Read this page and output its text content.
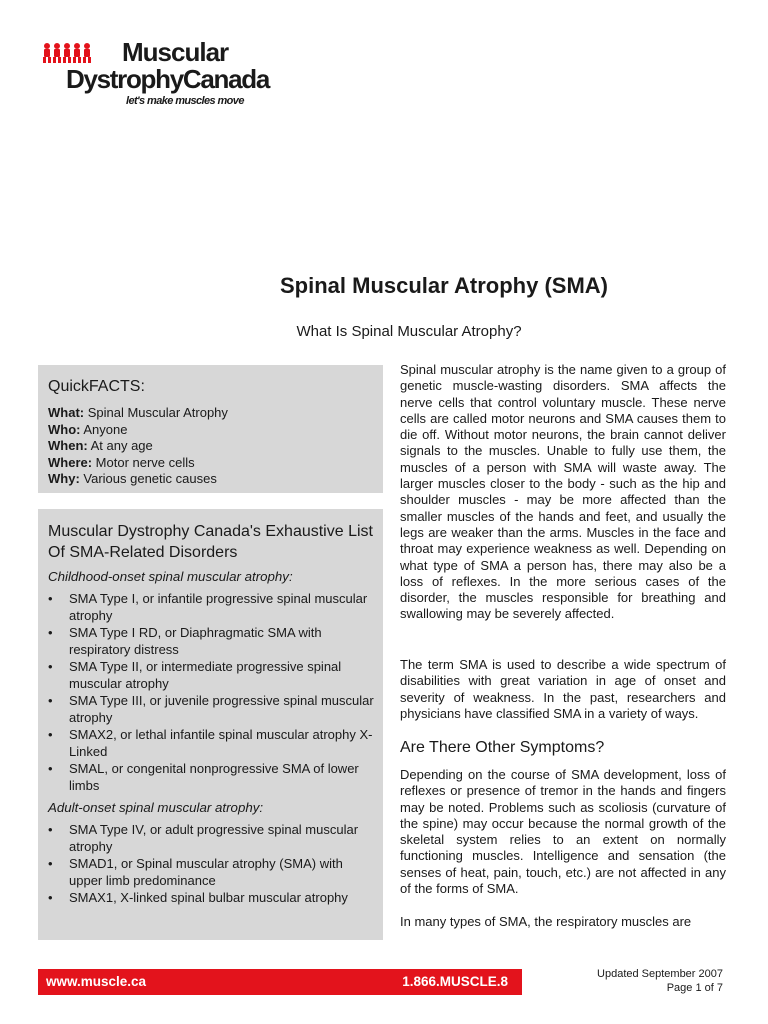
Muscular
DystrophyCanada
let's make muscles move
Spinal Muscular Atrophy (SMA)
What Is Spinal Muscular Atrophy?
QuickFACTS:
What: Spinal Muscular Atrophy
Who: Anyone
When: At any age
Where: Motor nerve cells
Why: Various genetic causes
Muscular Dystrophy Canada's Exhaustive List Of SMA-Related Disorders
Childhood-onset spinal muscular atrophy:
• SMA Type I, or infantile progressive spinal muscular atrophy
• SMA Type I RD, or Diaphragmatic SMA with respiratory distress
• SMA Type II, or intermediate progressive spinal muscular atrophy
• SMA Type III, or juvenile progressive spinal muscular atrophy
• SMAX2, or lethal infantile spinal muscular atrophy X-Linked
• SMAL, or congenital nonprogressive SMA of lower limbs
Adult-onset spinal muscular atrophy:
• SMA Type IV, or adult progressive spinal muscular atrophy
• SMAD1, or Spinal muscular atrophy (SMA) with upper limb predominance
• SMAX1, X-linked spinal bulbar muscular atrophy

Spinal muscular atrophy is the name given to a group of genetic muscle-wasting disorders. SMA affects the nerve cells that control voluntary muscle. These nerve cells are called motor neurons and SMA causes them to die off. Without motor neurons, the brain cannot deliver signals to the muscles. Unable to fully use them, the muscles of a person with SMA will waste away. The larger muscles closer to the body - such as the hip and shoulder muscles - may be more affected than the smaller muscles of the hands and feet, and usually the legs are weaker than the arms. Muscles in the face and throat may experience weakness as well. Depending on what type of SMA a person has, there may also be a loss of reflexes. In the more serious cases of the disorder, the muscles responsible for breathing and swallowing may be severely affected.

The term SMA is used to describe a wide spectrum of disabilities with great variation in age of onset and severity of weakness. In the past, researchers and physicians have classified SMA in a variety of ways.

Are There Other Symptoms?

Depending on the course of SMA development, loss of reflexes or presence of tremor in the hands and fingers may be noted. Problems such as scoliosis (curvature of the spine) may occur because the normal growth of the skeletal system relies to an extent on normally functioning muscles. Intelligence and sensation (the senses of heat, pain, touch, etc.) are not affected in any of the forms of SMA.

In many types of SMA, the respiratory muscles are

www.muscle.ca	1.866.MUSCLE.8	Updated September 2007
Page 1 of 7
